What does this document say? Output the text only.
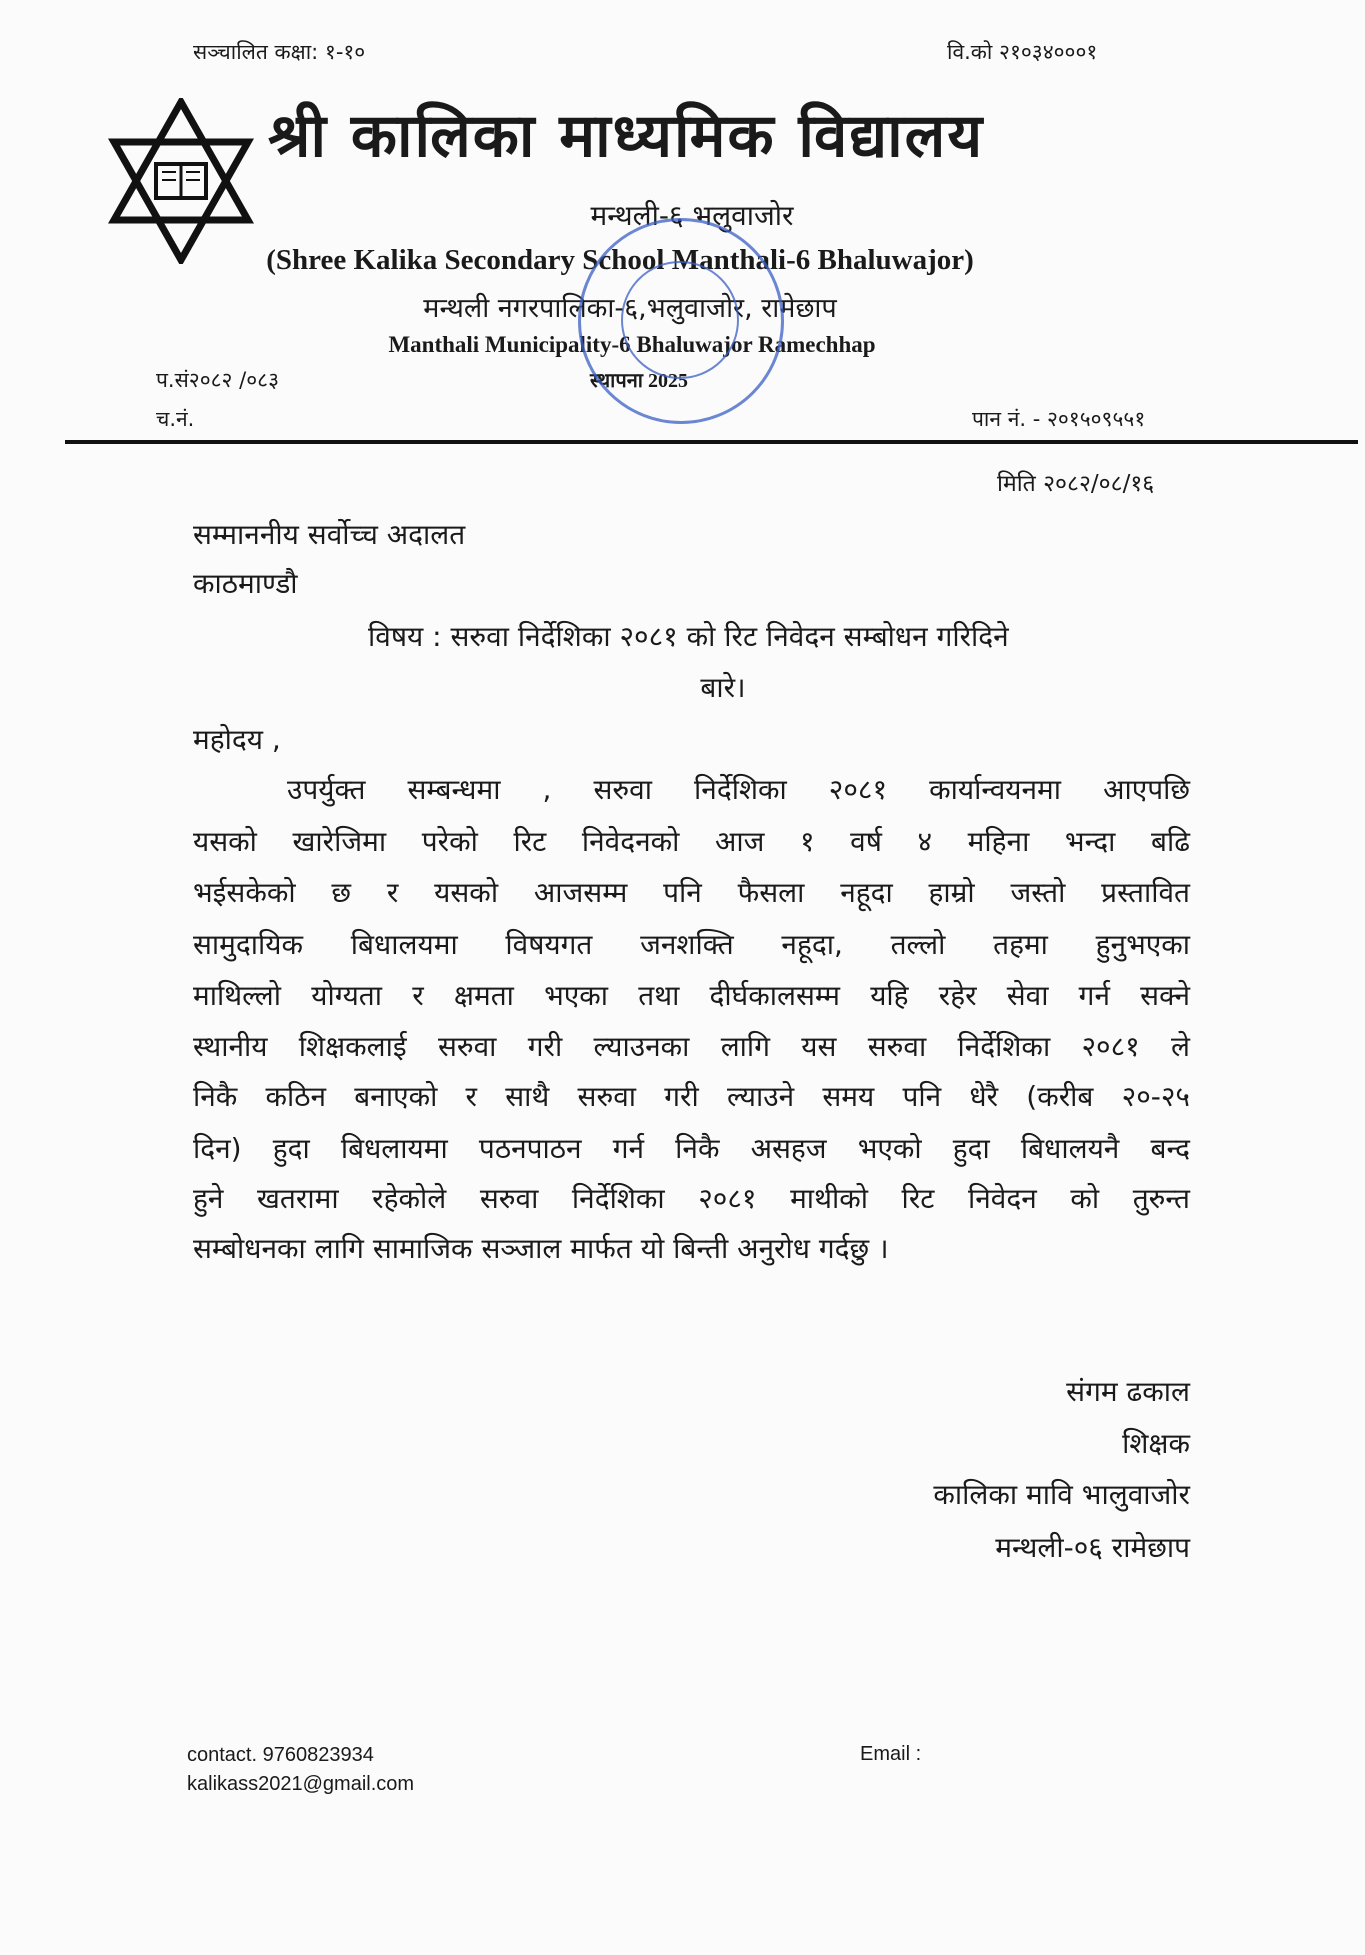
सञ्चालित कक्षा: १-१०	वि.को २१०३४०००१
श्री कालिका माध्यमिक विद्यालय
मन्थली-६ भलुवाजोर
(Shree Kalika Secondary School Manthali-6 Bhaluwajor)
मन्थली नगरपालिका-६,भलुवाजोर, रामेछाप
Manthali Municipality-6 Bhaluwajor Ramechhap
स्थापना 2025
प.सं२०८२ /०८३
च.नं.	पान नं. - २०१५०९५५१
मिति २०८२/०८/१६
सम्माननीय सर्वोच्च अदालत
काठमाण्डौ
विषय : सरुवा निर्देशिका २०८१ को रिट निवेदन सम्बोधन गरिदिने
बारे।
महोदय ,
उपर्युक्त सम्बन्धमा , सरुवा निर्देशिका २०८१ कार्यान्वयनमा आएपछि
यसको खारेजिमा परेको रिट निवेदनको आज १ वर्ष ४ महिना भन्दा बढि
भईसकेको छ र यसको आजसम्म पनि फैसला नहूदा हाम्रो जस्तो प्रस्तावित
सामुदायिक बिधालयमा विषयगत जनशक्ति नहूदा, तल्लो तहमा हुनुभएका
माथिल्लो योग्यता र क्षमता भएका तथा दीर्घकालसम्म यहि रहेर सेवा गर्न सक्ने
स्थानीय शिक्षकलाई सरुवा गरी ल्याउनका लागि यस सरुवा निर्देशिका २०८१ ले
निकै कठिन बनाएको र साथै सरुवा गरी ल्याउने समय पनि धेरै (करीब २०-२५
दिन) हुदा बिधलायमा पठनपाठन गर्न निकै असहज भएको हुदा बिधालयनै बन्द
हुने खतरामा रहेकोले सरुवा निर्देशिका २०८१ माथीको रिट निवेदन को तुरुन्त
सम्बोधनका लागि सामाजिक सञ्जाल मार्फत यो बिन्ती अनुरोध गर्दछु ।
संगम ढकाल
शिक्षक
कालिका मावि भालुवाजोर
मन्थली-०६ रामेछाप
contact. 9760823934
kalikass2021@gmail.com
Email :
